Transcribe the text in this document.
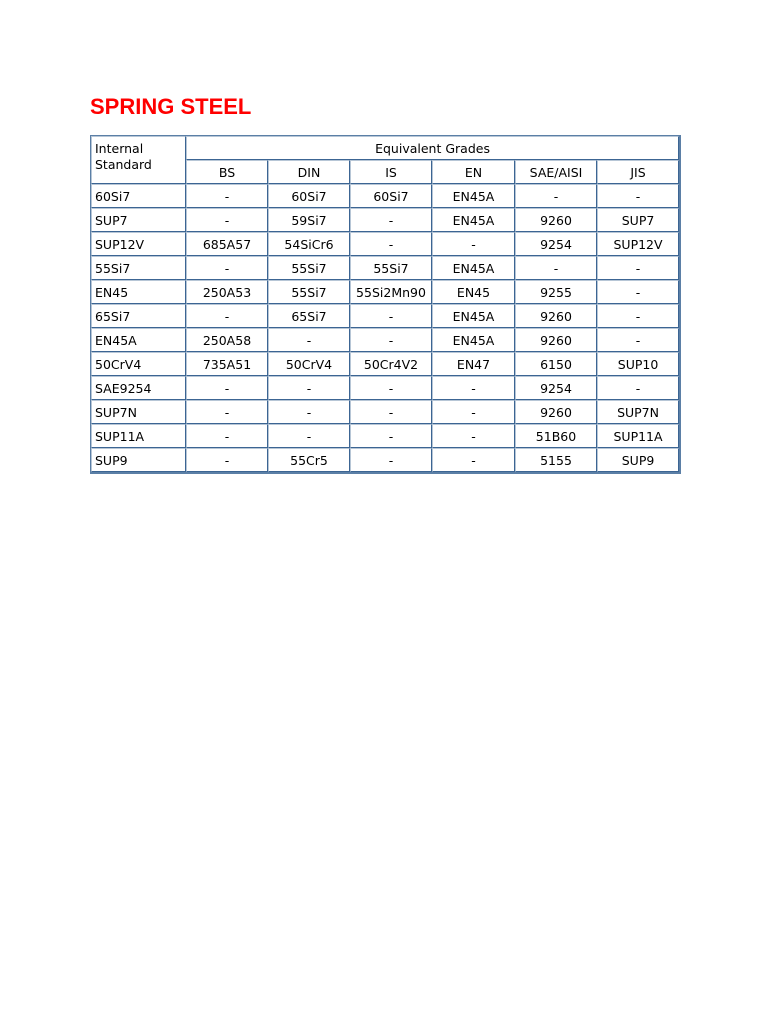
SPRING STEEL
Internal Standard	Equivalent Grades					
	BS	DIN	IS	EN	SAE/AISI	JIS
60Si7	-	60Si7	60Si7	EN45A	-	-
SUP7	-	59Si7	-	EN45A	9260	SUP7
SUP12V	685A57	54SiCr6	-	-	9254	SUP12V
55Si7	-	55Si7	55Si7	EN45A	-	-
EN45	250A53	55Si7	55Si2Mn90	EN45	9255	-
65Si7	-	65Si7	-	EN45A	9260	-
EN45A	250A58	-	-	EN45A	9260	-
50CrV4	735A51	50CrV4	50Cr4V2	EN47	6150	SUP10
SAE9254	-	-	-	-	9254	-
SUP7N	-	-	-	-	9260	SUP7N
SUP11A	-	-	-	-	51B60	SUP11A
SUP9	-	55Cr5	-	-	5155	SUP9
